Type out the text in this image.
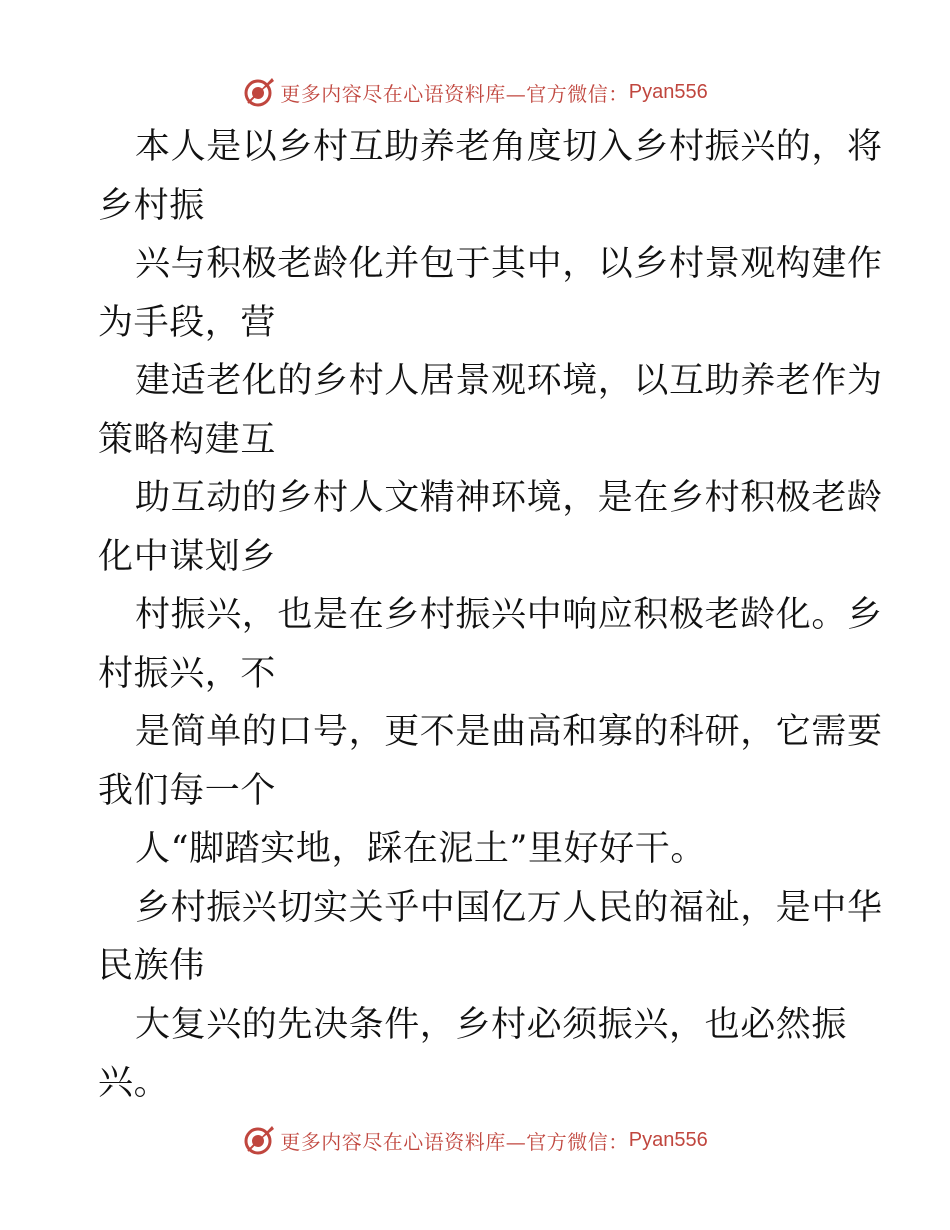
更多内容尽在心语资料库—官方微信： Pyan556
本人是以乡村互助养老角度切入乡村振兴的，将
乡村振
兴与积极老龄化并包于其中，以乡村景观构建作
为手段，营
建适老化的乡村人居景观环境，以互助养老作为
策略构建互
助互动的乡村人文精神环境，是在乡村积极老龄
化中谋划乡
村振兴，也是在乡村振兴中响应积极老龄化。乡
村振兴，不
是简单的口号，更不是曲高和寡的科研，它需要
我们每一个
人“脚踏实地，踩在泥土”里好好干。
乡村振兴切实关乎中国亿万人民的福祉，是中华
民族伟
大复兴的先决条件，乡村必须振兴，也必然振
兴。
更多内容尽在心语资料库—官方微信： Pyan556
